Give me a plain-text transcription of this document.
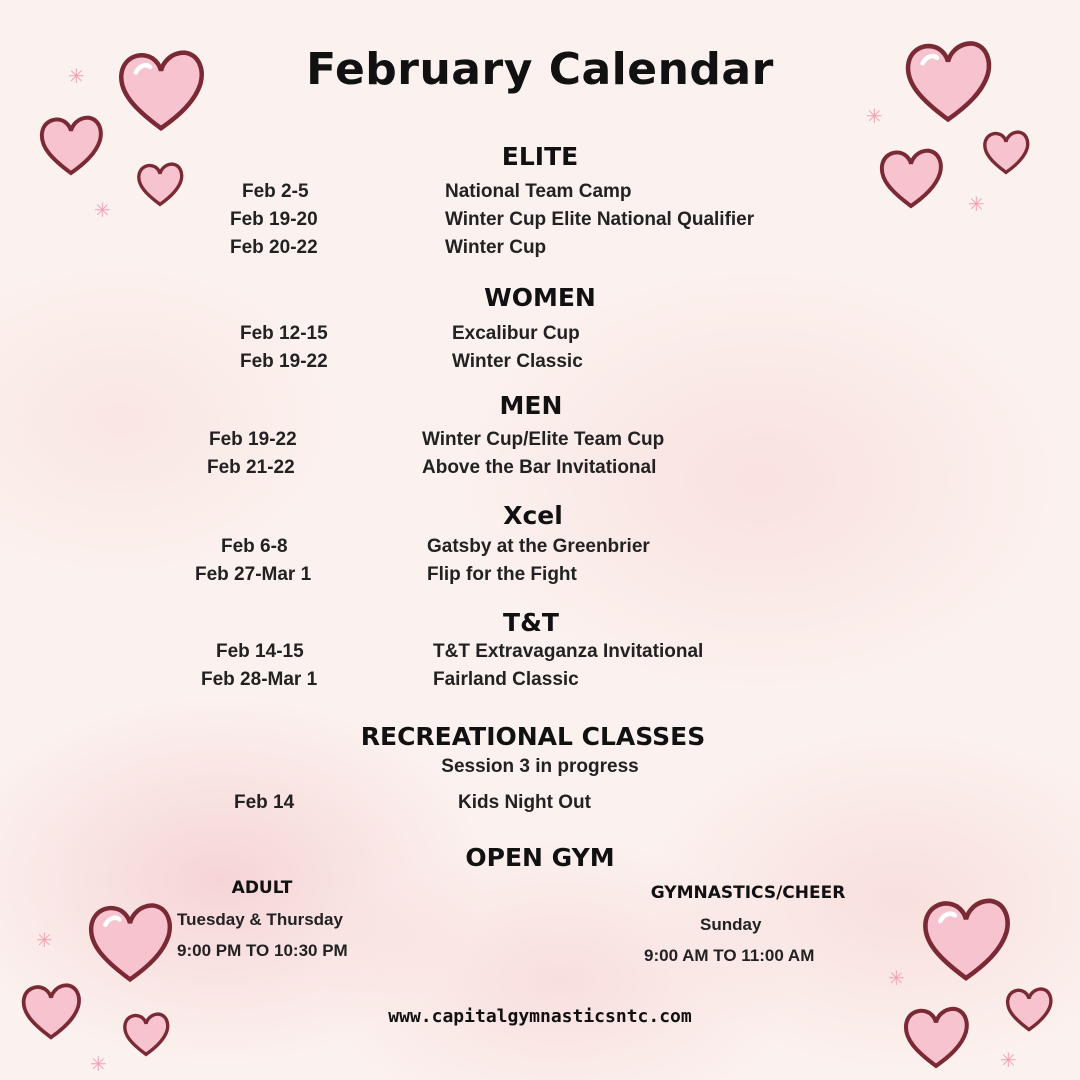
✳
✳
✳
✳
✳
✳
✳	✳
February Calendar
ELITE
Feb 2-5	National Team Camp
Feb 19-20	Winter Cup Elite National Qualifier
Feb 20-22	Winter Cup
WOMEN
Feb 12-15	Excalibur Cup
Feb 19-22	Winter Classic
MEN
Feb 19-22	Winter Cup/Elite Team Cup
Feb 21-22	Above the Bar Invitational
Xcel
Feb 6-8	Gatsby at the Greenbrier
Feb 27-Mar 1	Flip for the Fight
T&T
Feb 14-15	T&T Extravaganza Invitational
Feb 28-Mar 1	Fairland Classic
RECREATIONAL CLASSES
Session 3 in progress
Feb 14	Kids Night Out
OPEN GYM
ADULT
Tuesday & Thursday
9:00 PM TO 10:30 PM
GYMNASTICS/CHEER
Sunday
9:00 AM TO 11:00 AM
www.capitalgymnasticsntc.com
